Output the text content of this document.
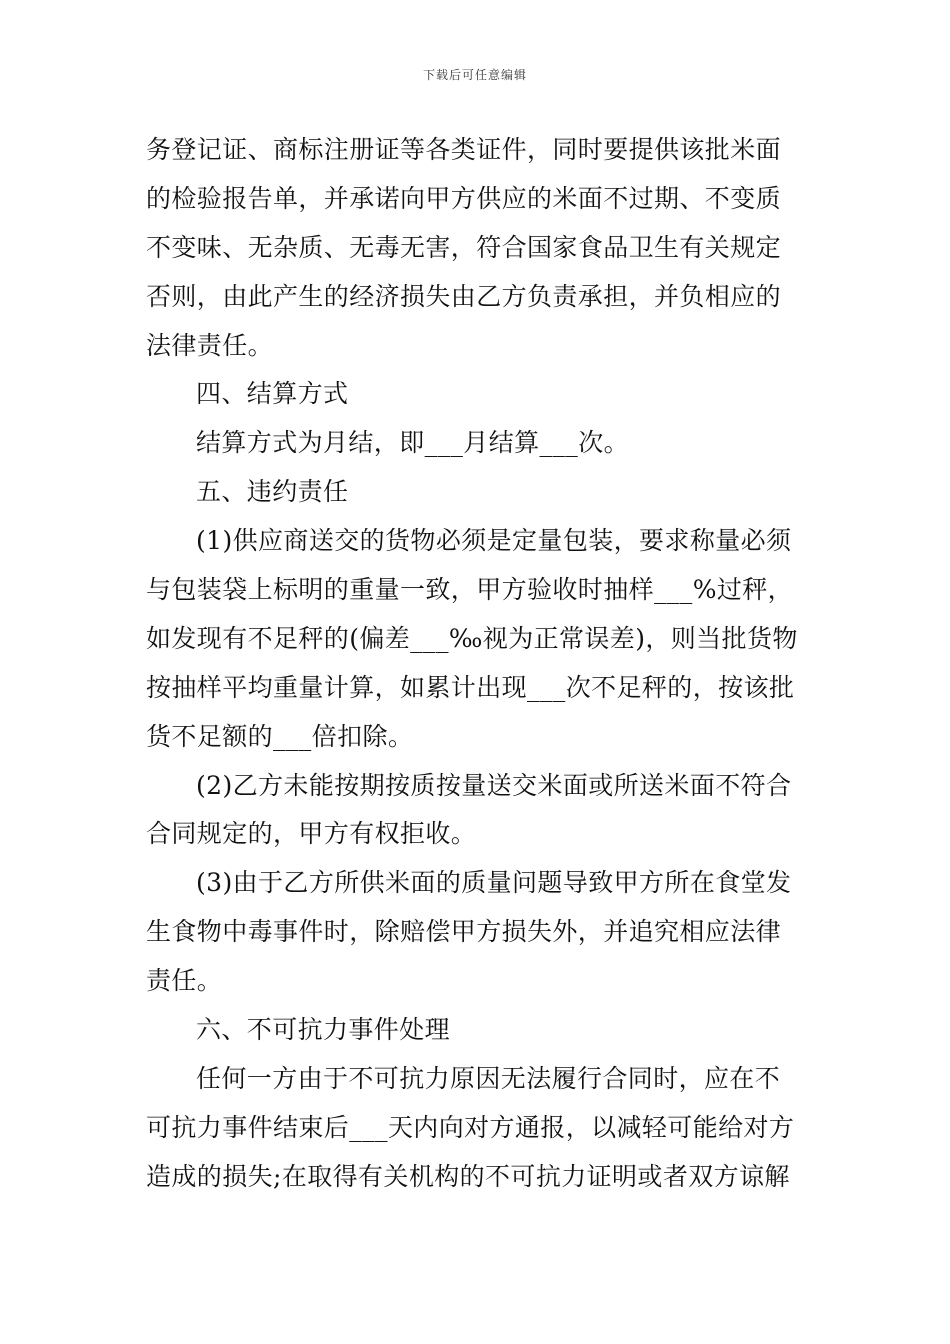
下载后可任意编辑
务登记证、商标注册证等各类证件，同时要提供该批米面
的检验报告单，并承诺向甲方供应的米面不过期、不变质
不变味、无杂质、无毒无害，符合国家食品卫生有关规定
否则，由此产生的经济损失由乙方负责承担，并负相应的
法律责任。
四、结算方式
结算方式为月结，即___月结算___次。
五、违约责任
(1)供应商送交的货物必须是定量包装，要求称量必须
与包装袋上标明的重量一致，甲方验收时抽样___%过秤，
如发现有不足秤的(偏差___‰视为正常误差)，则当批货物
按抽样平均重量计算，如累计出现___次不足秤的，按该批
货不足额的___倍扣除。
(2)乙方未能按期按质按量送交米面或所送米面不符合
合同规定的，甲方有权拒收。
(3)由于乙方所供米面的质量问题导致甲方所在食堂发
生食物中毒事件时，除赔偿甲方损失外，并追究相应法律
责任。
六、不可抗力事件处理
任何一方由于不可抗力原因无法履行合同时，应在不
可抗力事件结束后___天内向对方通报，以减轻可能给对方
造成的损失;在取得有关机构的不可抗力证明或者双方谅解
